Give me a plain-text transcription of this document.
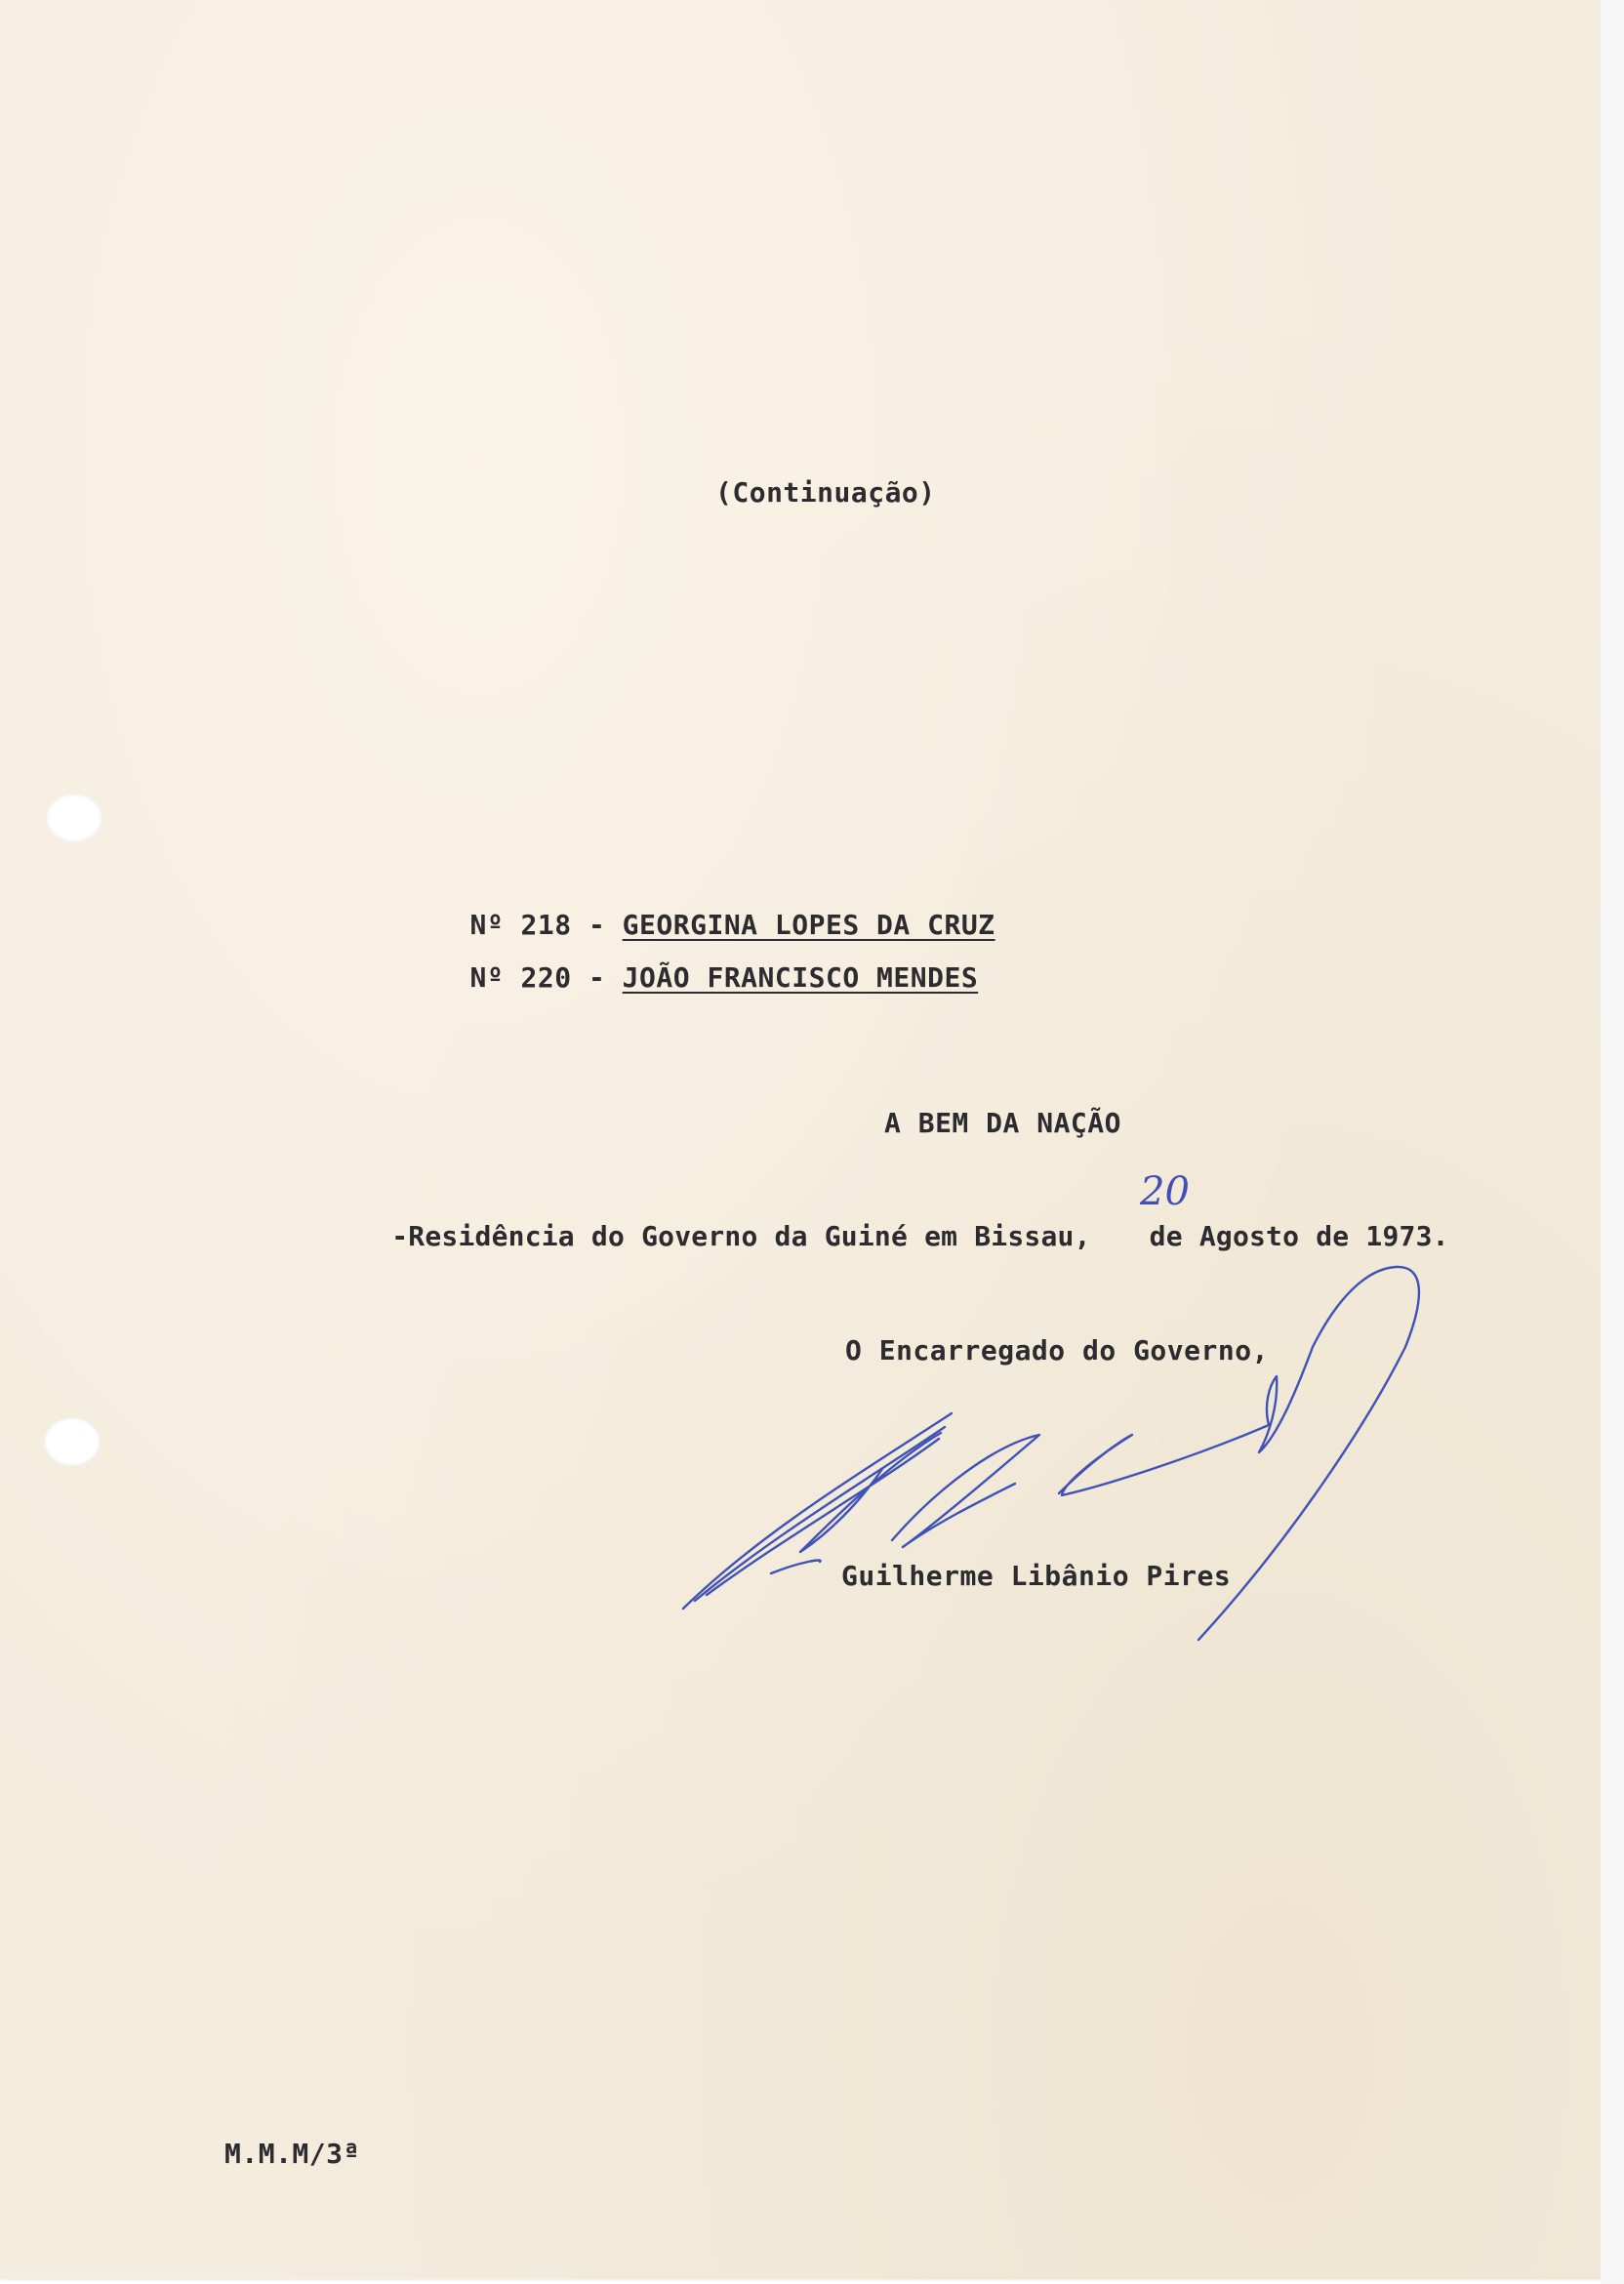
(Continuação)

Nº 218 - GEORGINA LOPES DA CRUZ

Nº 220 - JOÃO FRANCISCO MENDES

A BEM DA NAÇÃO

-Residência do Governo da Guiné em Bissau, de Agosto de 1973.

20
O Encarregado do Governo,
Guilherme Libânio Pires
M.M.M/3ª
